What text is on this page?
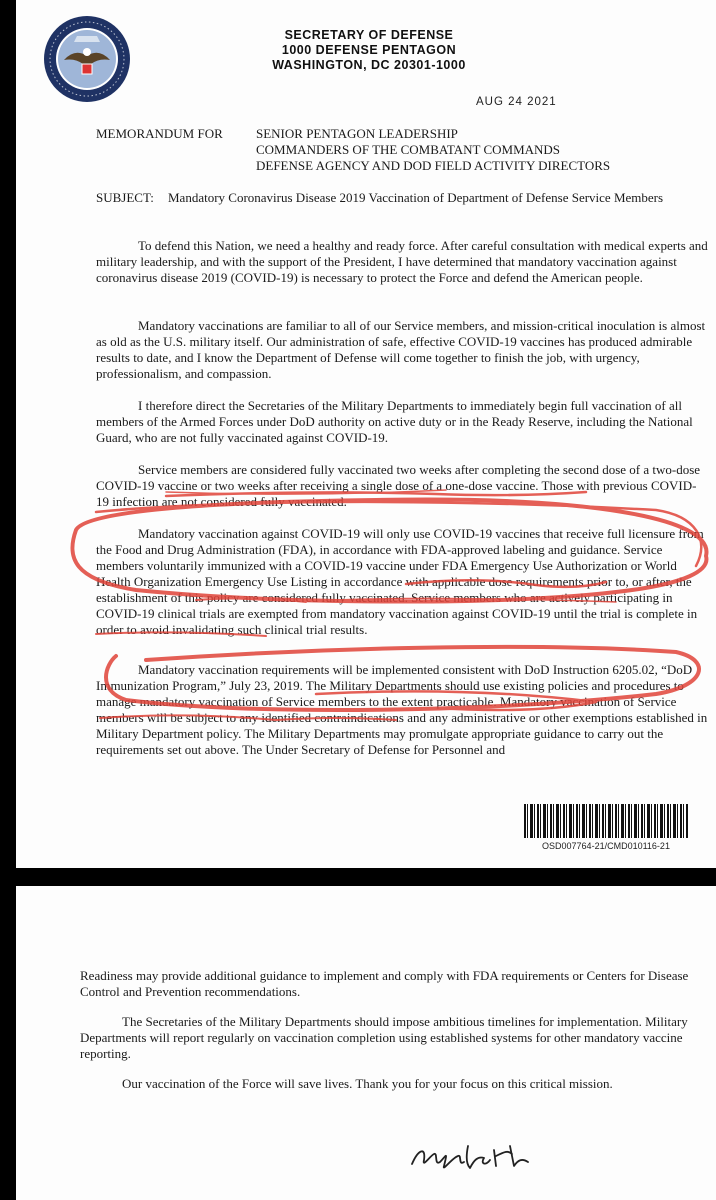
SECRETARY OF DEFENSE
1000 DEFENSE PENTAGON
WASHINGTON, DC 20301-1000
AUG 24 2021
MEMORANDUM FOR	SENIOR PENTAGON LEADERSHIP
COMMANDERS OF THE COMBATANT COMMANDS
DEFENSE AGENCY AND DOD FIELD ACTIVITY DIRECTORS
SUBJECT:	Mandatory Coronavirus Disease 2019 Vaccination of Department of Defense Service Members
To defend this Nation, we need a healthy and ready force. After careful consultation with medical experts and military leadership, and with the support of the President, I have determined that mandatory vaccination against coronavirus disease 2019 (COVID-19) is necessary to protect the Force and defend the American people.
Mandatory vaccinations are familiar to all of our Service members, and mission-critical inoculation is almost as old as the U.S. military itself. Our administration of safe, effective COVID-19 vaccines has produced admirable results to date, and I know the Department of Defense will come together to finish the job, with urgency, professionalism, and compassion.
I therefore direct the Secretaries of the Military Departments to immediately begin full vaccination of all members of the Armed Forces under DoD authority on active duty or in the Ready Reserve, including the National Guard, who are not fully vaccinated against COVID-19.
Service members are considered fully vaccinated two weeks after completing the second dose of a two-dose COVID-19 vaccine or two weeks after receiving a single dose of a one-dose vaccine. Those with previous COVID-19 infection are not considered fully vaccinated.
Mandatory vaccination against COVID-19 will only use COVID-19 vaccines that receive full licensure from the Food and Drug Administration (FDA), in accordance with FDA-approved labeling and guidance. Service members voluntarily immunized with a COVID-19 vaccine under FDA Emergency Use Authorization or World Health Organization Emergency Use Listing in accordance with applicable dose requirements prior to, or after, the establishment of this policy are considered fully vaccinated. Service members who are actively participating in COVID-19 clinical trials are exempted from mandatory vaccination against COVID-19 until the trial is complete in order to avoid invalidating such clinical trial results.
Mandatory vaccination requirements will be implemented consistent with DoD Instruction 6205.02, “DoD Immunization Program,” July 23, 2019. The Military Departments should use existing policies and procedures to manage mandatory vaccination of Service members to the extent practicable. Mandatory vaccination of Service members will be subject to any identified contraindications and any administrative or other exemptions established in Military Department policy. The Military Departments may promulgate appropriate guidance to carry out the requirements set out above. The Under Secretary of Defense for Personnel and
OSD007764-21/CMD010116-21
Readiness may provide additional guidance to implement and comply with FDA requirements or Centers for Disease Control and Prevention recommendations.
The Secretaries of the Military Departments should impose ambitious timelines for implementation. Military Departments will report regularly on vaccination completion using established systems for other mandatory vaccine reporting.
Our vaccination of the Force will save lives. Thank you for your focus on this critical mission.
